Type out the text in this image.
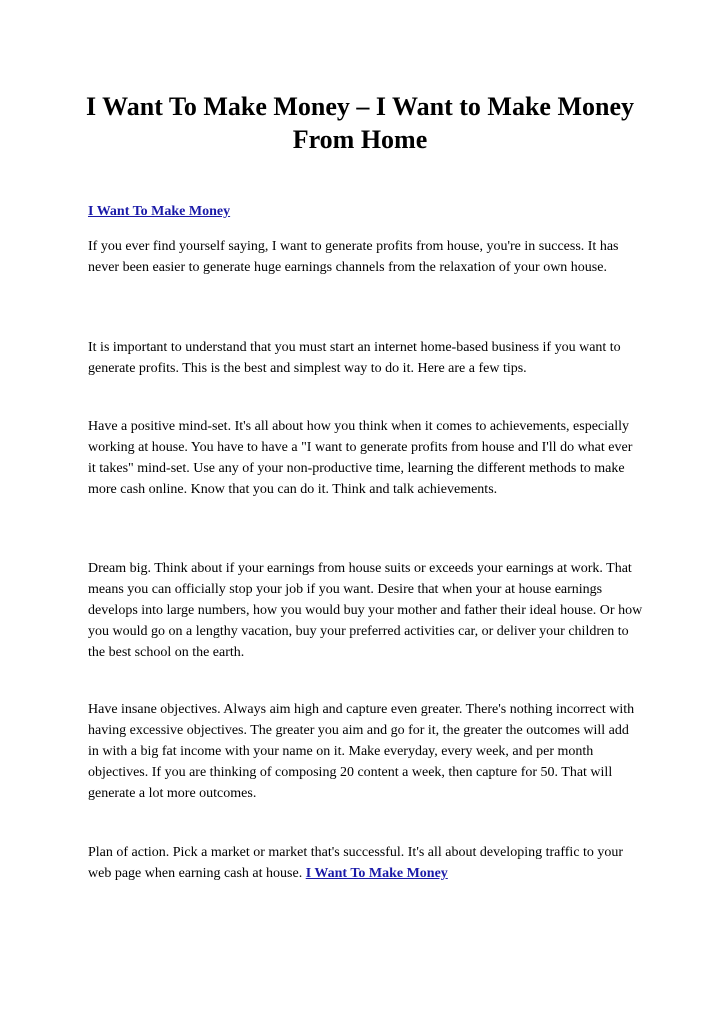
I Want To Make Money – I Want to Make Money From Home
I Want To Make Money

If you ever find yourself saying, I want to generate profits from house, you're in success. It has never been easier to generate huge earnings channels from the relaxation of your own house.

It is important to understand that you must start an internet home-based business if you want to generate profits. This is the best and simplest way to do it. Here are a few tips.

Have a positive mind-set. It's all about how you think when it comes to achievements, especially working at house. You have to have a "I want to generate profits from house and I'll do what ever it takes" mind-set. Use any of your non-productive time, learning the different methods to make more cash online. Know that you can do it. Think and talk achievements.

Dream big. Think about if your earnings from house suits or exceeds your earnings at work. That means you can officially stop your job if you want. Desire that when your at house earnings develops into large numbers, how you would buy your mother and father their ideal house. Or how you would go on a lengthy vacation, buy your preferred activities car, or deliver your children to the best school on the earth.

Have insane objectives. Always aim high and capture even greater. There's nothing incorrect with having excessive objectives. The greater you aim and go for it, the greater the outcomes will add in with a big fat income with your name on it. Make everyday, every week, and per month objectives. If you are thinking of composing 20 content a week, then capture for 50. That will generate a lot more outcomes.

Plan of action. Pick a market or market that's successful. It's all about developing traffic to your web page when earning cash at house. I Want To Make Money
